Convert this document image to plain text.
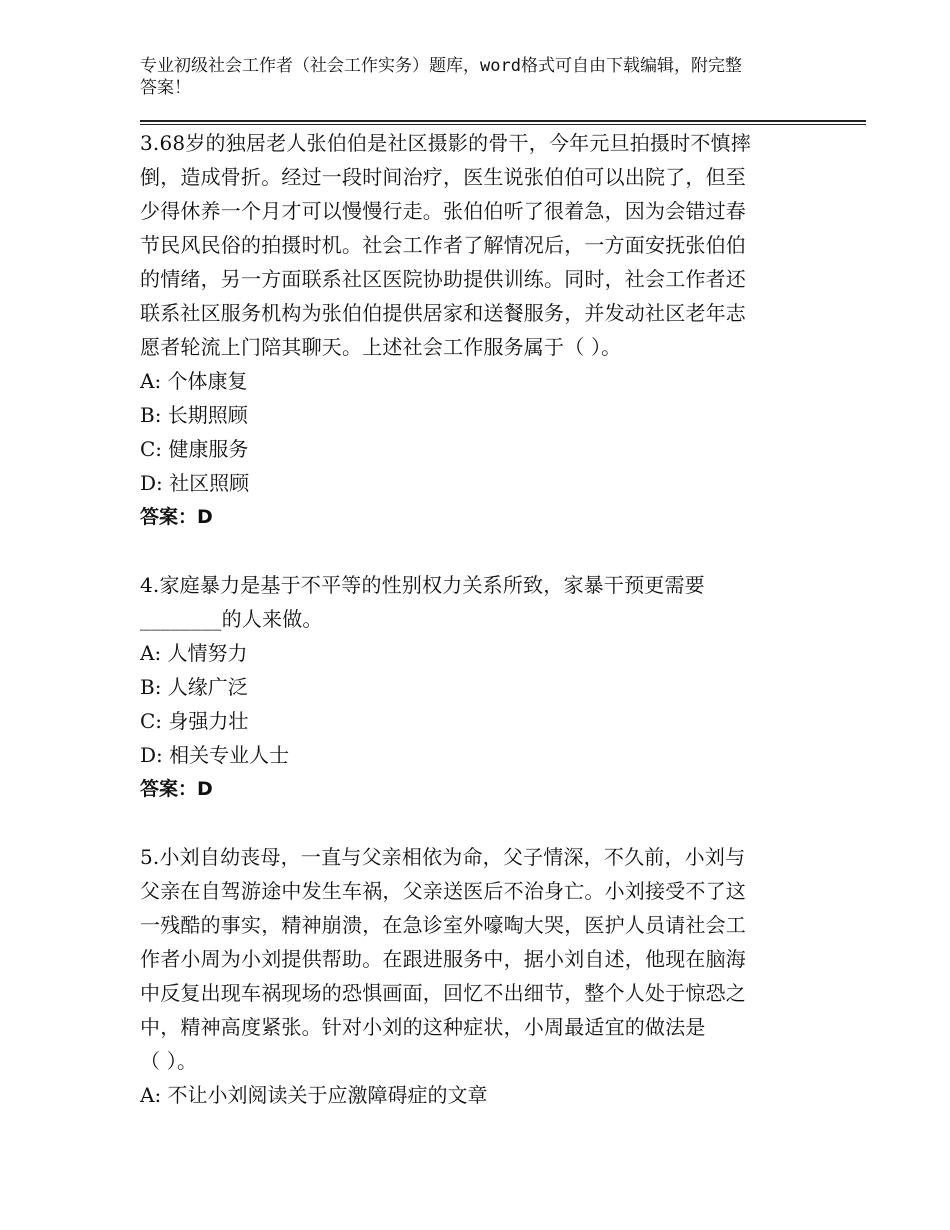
专业初级社会工作者（社会工作实务）题库，word格式可自由下载编辑，附完整
答案！

3.68岁的独居老人张伯伯是社区摄影的骨干，今年元旦拍摄时不慎摔

倒，造成骨折。经过一段时间治疗，医生说张伯伯可以出院了，但至

少得休养一个月才可以慢慢行走。张伯伯听了很着急，因为会错过春

节民风民俗的拍摄时机。社会工作者了解情况后，一方面安抚张伯伯

的情绪，另一方面联系社区医院协助提供训练。同时，社会工作者还

联系社区服务机构为张伯伯提供居家和送餐服务，并发动社区老年志

愿者轮流上门陪其聊天。上述社会工作服务属于（ ）。

A: 个体康复

B: 长期照顾

C: 健康服务

D: 社区照顾

答案：D

4.家庭暴力是基于不平等的性别权力关系所致，家暴干预更需要

________的人来做。

A: 人情努力

B: 人缘广泛

C: 身强力壮

D: 相关专业人士

答案：D

5.小刘自幼丧母，一直与父亲相依为命，父子情深，不久前，小刘与

父亲在自驾游途中发生车祸，父亲送医后不治身亡。小刘接受不了这

一残酷的事实，精神崩溃，在急诊室外嚎啕大哭，医护人员请社会工

作者小周为小刘提供帮助。在跟进服务中，据小刘自述，他现在脑海

中反复出现车祸现场的恐惧画面，回忆不出细节，整个人处于惊恐之

中，精神高度紧张。针对小刘的这种症状，小周最适宜的做法是

（ ）。

A: 不让小刘阅读关于应激障碍症的文章
